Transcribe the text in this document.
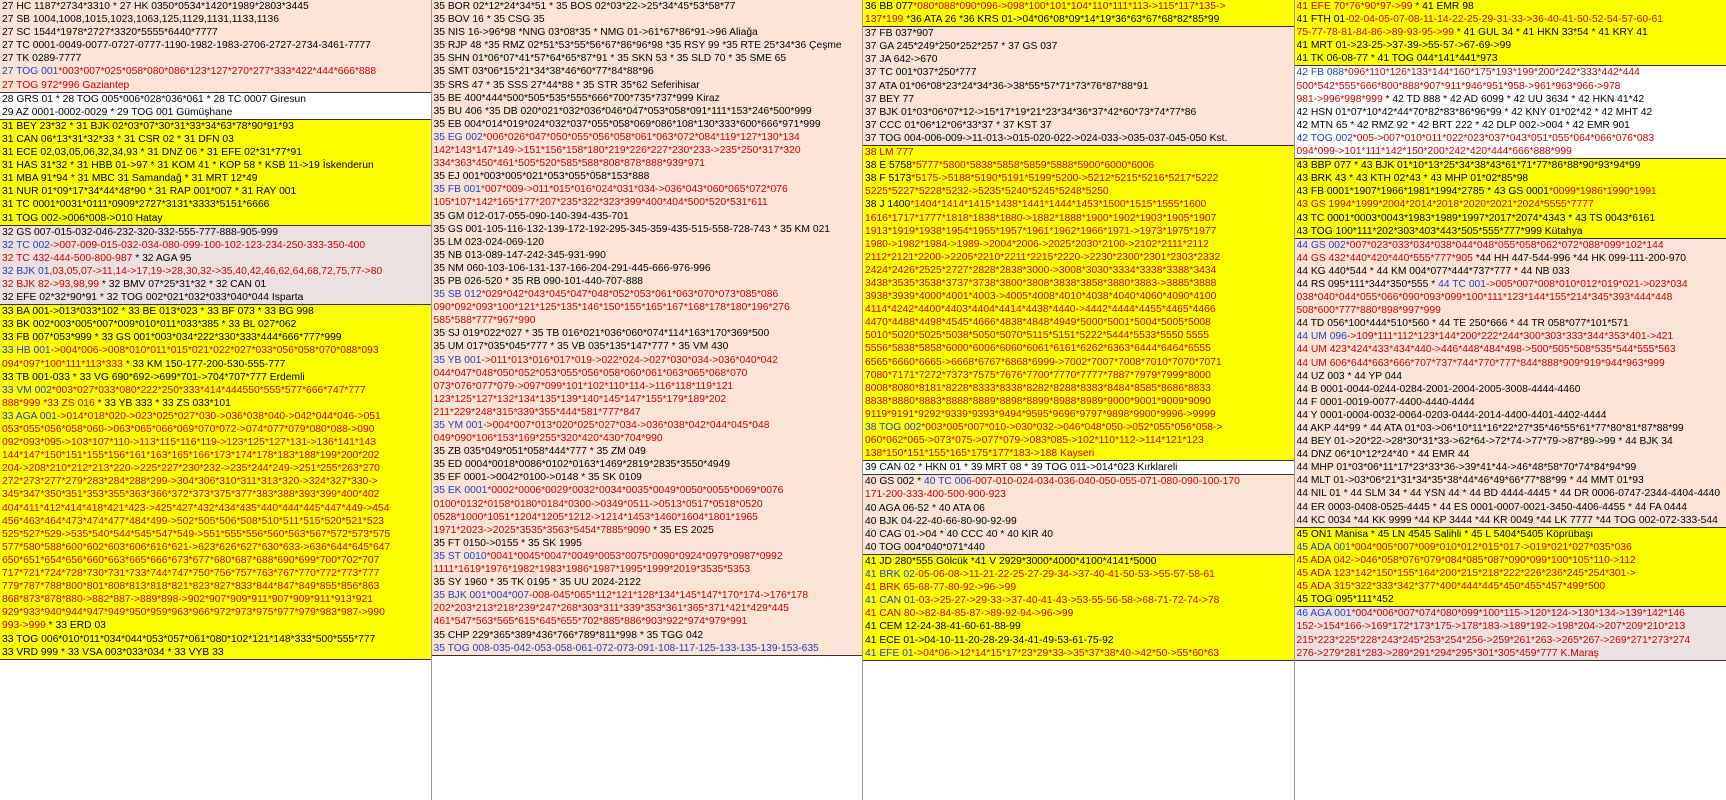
27 HC 1187*2734*3310 * 27 HK 0350*0534*1420*1989*2803*3445
27 SB 1004,1008,1015,1023,1063,125,1129,1131,1133,1136
27 SC 1544*1978*2727*3320*5555*6440*7777
27 TC 0001-0049-0077-0727-0777-1190-1982-1983-2706-2727-2734-3461-7777
27 TK 0289-7777
27 TOG 001*003*007*025*058*080*086*123*127*270*277*333*422*444*666*888
27 TOG 972*996 Gaziantep
28 GRS 01 * 28 TOG 005*006*028*036*061 * 28 TC 0007 Giresun
29 AZ 0001-0002-0029 * 29 TOG 001 Gümüşhane
31 BEY 23*32 * 31 BJK 02*03*07*30*31*33*34*63*78*90*91*93
31 CAN 06*13*31*32*33 * 31 CSR 02 * 31 DFN 03
31 ECE 02,03,05,06,32,34,93 * 31 DNZ 06 * 31 EFE 02*31*77*91
31 HAS 31*32 * 31 HBB 01->97 * 31 KOM 41 * KOP 58 * KSB 11->19 İskenderun
31 MBA 91*94 * 31 MBC 31 Samandağ * 31 MRT 12*49
31 NUR 01*09*17*34*44*48*90 * 31 RAP 001*007 * 31 RAY 001
31 TC 0001*0031*0111*0909*2727*3131*3333*5151*6666
31 TOG 002->006*008->010 Hatay
32 GS 007-015-032-046-232-320-332-555-777-888-905-999
32 TC 002->007-009-015-032-034-080-099-100-102-123-234-250-333-350-400
32 TC 432-444-500-800-987 * 32 AGA 95
32 BJK 01,03,05,07->11,14->17,19->28,30,32->35,40,42,46,62,64,68,72,75,77->80
32 BJK 82->93,98,99 * 32 BMV 07*25*31*32 * 32 CAN 01
32 EFE 02*32*90*91 * 32 TOG 002*021*032*033*040*044 Isparta
33 BA 001->013*033*102 * 33 BE 013*023 * 33 BF 073 * 33 BG 998
33 BK 002*003*005*007*009*010*011*033*385 * 33 BL 027*062
33 FB 007*053*999 * 33 GS 001*003*034*222*330*333*444*666*777*999
33 HB 001->004*006->008*010*011*015*021*022*027*033*056*058*070*088*093
094*097*100*111*113*333 * 33 KM 150-177-200-530-555-777
33 TB 001-033 * 33 VG 690*692->699*701->704*707*777 Erdemli
33 VM 002*003*027*033*080*222*250*333*414*444550*555*577*666*747*777
888*999 *33 ZS 016 * 33 YB 333 * 33 ZS 033*101
33 AGA 001->014*018*020->023*025*027*030->036*038*040->042*044*046->051
053*055*056*058*060->063*065*066*069*070*072->074*077*079*080*088->090
092*093*095->103*107*110->113*115*116*119->123*125*127*131->136*141*143
144*147*150*151*155*156*161*163*165*166*173*174*178*183*188*199*200*202
204->208*210*212*213*220->225*227*230*232->235*244*249->251*255*263*270
272*273*277*279*283*284*288*299->304*306*310*311*313*320->324*327*330->
345*347*350*351*353*355*363*366*372*373*375*377*383*388*393*399*400*402
404*411*412*414*418*421*423->425*427*432*434*435*440*444*445*447*449->454
456*463*464*473*474*477*484*499->502*505*506*508*510*511*515*520*521*523
525*527*529->535*540*544*545*547*549->551*555*556*560*563*567*572*573*575
577*580*588*600*602*603*606*616*621->623*626*627*630*633->636*644*645*647
650*651*654*656*660*663*665*666*673*677*680*687*688*690*699*700*702*707
717*721*724*728*730*731*733*744*747*750*756*757*763*767*770*772*773*777
779*787*788*800*801*808*813*818*821*823*827*833*844*847*849*855*856*863
868*873*878*880->882*887->889*898->902*907*909*911*907*909*911*913*921
929*933*940*944*947*949*950*959*963*966*972*973*975*977*979*983*987->990
993->999 * 33 ERD 03
33 TOG 006*010*011*034*044*053*057*061*080*102*121*148*333*500*555*777
33 VRD 999 * 33 VSA 003*033*034 * 33 VYB 33
35 BOR 02*12*24*34*51 * 35 BOS 02*03*22->25*34*45*53*58*77
35 BOV 16 * 35 CSG 35
35 NIS 16->96*98 *NNG 03*08*35 * NMG 01->61*67*86*91->96 Aliağa
35 RJP 48 *35 RMZ 02*51*53*55*56*67*86*96*98 *35 RSY 99 *35 RTE 25*34*36 Çeşme
35 SHN 01*06*07*41*57*64*65*87*91 * 35 SKN 53 * 35 SLD 70 * 35 SME 65
35 SMT 03*06*15*21*34*38*46*60*77*84*88*96
35 SRS 47 * 35 SSS 27*44*88 * 35 STR 35*62 Seferihisar
35 BE 400*444*500*505*535*555*666*700*735*737*999 Kiraz
35 BU 406 *35 DB 020*021*032*036*046*047*053*058*091*111*153*246*500*999
35 EB 004*014*019*024*032*037*055*058*069*086*108*130*333*600*666*971*999
35 EG 002*006*026*047*050*055*056*058*061*063*072*084*119*127*130*134
142*143*147*149->151*156*158*180*219*226*227*230*233->235*250*317*320
334*363*450*461*505*520*585*588*808*878*888*939*971
35 EJ 001*003*005*021*053*055*058*153*888
35 FB 001*007*009->011*015*016*024*031*034->036*043*060*065*072*076
105*107*142*165*177*207*235*322*323*399*400*404*500*520*531*611
35 GM 012-017-055-090-140-394-435-701
35 GS 001-105-116-132-139-172-192-295-345-359-435-515-558-728-743 * 35 KM 021
35 LM 023-024-069-120
35 NB 013-089-147-242-345-931-990
35 NM 060-103-106-131-137-166-204-291-445-666-976-996
35 PB 026-520 * 35 RB 090-101-440-707-888
35 SB 012*029*042*043*045*047*048*052*053*061*063*070*073*085*086
090*092*093*100*121*125*135*146*150*155*165*167*168*178*180*196*276
585*588*777*967*990
35 SJ 019*022*027 * 35 TB 016*021*036*060*074*114*163*170*369*500
35 UM 017*035*045*777 * 35 VB 035*135*147*777 * 35 VM 430
35 YB 001->011*013*016*017*019->022*024->027*030*034->036*040*042
044*047*048*050*052*053*055*056*058*060*061*063*065*068*070
073*076*077*079->097*099*101*102*110*114->116*118*119*121
123*125*127*132*134*135*139*140*145*147*155*179*189*202
211*229*248*315*339*355*444*581*777*847
35 YM 001->004*007*013*020*025*027*034->036*038*042*044*045*048
049*090*106*153*169*255*320*420*430*704*990
35 ZB 035*049*051*058*444*777 * 35 ZM 049
35 ED 0004*0018*0086*0102*0163*1469*2819*2835*3550*4949
35 EF 0001->0042*0100->0148 * 35 SK 0109
35 EK 0001*0002*0006*0029*0032*0034*0035*0049*0050*0055*0069*0076
0100*0132*0158*0180*0184*0300->0349*0511->0513*0517*0518*0520
0528*1000*1051*1204*1205*1212->1214*1453*1460*1604*1801*1965
1971*2023->2025*3535*3563*5454*7885*9090 * 35 ES 2025
35 FT 0150->0155 * 35 SK 1995
35 ST 0010*0041*0045*0047*0049*0053*0075*0090*0924*0979*0987*0992
1111*1619*1976*1982*1983*1986*1987*1995*1999*2019*3535*5353
35 SY 1960 * 35 TK 0195 * 35 UU 2024-2122
35 BJK 001*004*007-008-045*065*112*121*128*134*145*147*170*174->176*178
202*203*213*218*239*247*268*303*311*339*353*361*365*371*421*429*445
461*547*563*565*615*645*655*702*885*886*903*922*974*979*991
35 CHP 229*365*389*436*766*789*811*998 * 35 TGG 042
35 TOG 008-035-042-053-058-061-072-073-091-108-117-125-133-135-139-153-635
36 BB 077*080*088*090*096->098*100*101*104*110*111*113->115*117*135->
137*199 *36 ATA 26 *36 KRS 01->04*06*08*09*14*19*36*63*67*68*82*85*99
37 FB 037*907
37 GA 245*249*250*252*257 * 37 GS 037
37 JA 642->670
37 TC 001*037*250*777
37 ATA 01*06*08*23*24*34*36->38*55*57*71*73*76*87*88*91
37 BEY 77
37 BJK 01*03*06*07*12->15*17*19*21*23*34*36*37*42*60*73*74*77*86
37 CCC 01*06*12*06*33*37 * 37 KST 37
37 TOG 004-006-009->11-013->015-020-022->024-033->035-037-045-050 Kst.
38 LM 777
38 E 5758*5777*5800*5838*5858*5859*5888*5900*6000*6006
38 F 5173*5175->5188*5190*5191*5199*5200->5212*5215*5216*5217*5222
5225*5227*5228*5232->5235*5240*5245*5248*5250
38 J 1400*1404*1414*1415*1438*1441*1444*1453*1500*1515*1555*1600
1616*1717*1777*1818*1838*1880->1882*1888*1900*1902*1903*1905*1907
1913*1919*1938*1954*1955*1957*1961*1962*1966*1971->1973*1975*1977
1980->1982*1984->1989->2004*2006->2025*2030*2100->2102*2111*2112
2112*2121*2200->2205*2210*2211*2215*2220->2230*2300*2301*2303*2332
2424*2426*2525*2727*2828*2838*3000->3008*3030*3334*3338*3388*3434
3438*3535*3538*3737*3738*3800*3808*3838*3858*3880*3883->3885*3888
3938*3939*4000*4001*4003->4005*4008*4010*4038*4040*4060*4090*4100
4114*4242*4400*4403*4404*4414*4438*4440->4442*4444*4455*4465*4466
4470*4488*4498*4545*4666*4838*4848*4949*5000*5001*5004*5005*5008
5010*5020*5025*5038*5050*5070*5115*5151*5222*5444*5533*5550 5555
5556*5838*5858*6000*6006*6060*6061*6161*6262*6363*6444*6464*6555
6565*6660*6665->6668*6767*6868*6999->7002*7007*7008*7010*7070*7071
7080*7171*7272*7373*7575*7676*7700*7770*7777*7887*7979*7999*8000
8008*8080*8181*8228*8333*8338*8282*8288*8383*8484*8585*8686*8833
8838*8880*8883*8888*8889*8898*8899*8988*8989*9000*9001*9009*9090
9119*9191*9292*9339*9393*9494*9595*9696*9797*9898*9900*9996->9999
38 TOG 002*003*005*007*010->030*032->046*048*050->052*055*056*058->
060*062*065->073*075->077*079->083*085->102*110*112->114*121*123
138*150*151*155*165*175*177*183->188 Kayseri
39 CAN 02 * HKN 01 * 39 MRT 08 * 39 TOG 011->014*023 Kırklareli
40 GS 002 * 40 TC 006-007-010-024-034-036-040-050-055-071-080-090-100-170
171-200-333-400-500-900-923
40 AGA 06-52 * 40 ATA 06
40 BJK 04-22-40-66-80-90-92-99
40 CAG 01->04 * 40 CCC 40 * 40 KIR 40
40 TOG 004*040*071*440
41 JD 280*555 Gölcük *41 V 2929*3000*4000*4100*4141*5000
41 BRK 02-05-06-08->11-21-22-25-27-29-34->37-40-41-50-53->55-57-58-61
41 BRK 65-68-77-80-92->96->99
41 CAN 01-03->25-27->29-33->37-40-41-43->53-55-56-58->68-71-72-74->78
41 CAN 80->82-84-85-87->89-92-94->96->99
41 CEM 12-24-38-41-60-61-88-99
41 ECE 01->04-10-11-20-28-29-34-41-49-53-61-75-92
41 EFE 01->04*06->12*14*15*17*23*29*33->35*37*38*40->42*50->55*60*63
41 EFE 70*76*90*97->99 * 41 EMR 98
41 FTH 01-02-04-05-07-08-11-14-22-25-29-31-33->36-40-41-50-52-54-57-60-61
75-77-78-81-84-86->89-93-95->99 * 41 GUL 34 * 41 HKN 33*54 * 41 KRY 41
41 MRT 01->23-25->37-39->55-57->67-69->99
41 TK 06-08-77 * 41 TOG 044*141*441*973
42 FB 088*096*110*126*133*144*160*175*193*199*200*242*333*442*444
500*542*555*666*800*888*907*911*946*951*958->961*963*966->978
981->996*998*999 * 42 TD 888 * 42 AD 6099 * 42 UU 3634 * 42 HKN 41*42
42 HSN 01*07*10*42*44*70*82*83*86*96*99 * 42 KNY 01*02*42 * 42 MHT 42
42 MTN 65 * 42 RMZ 92 * 42 BRT 222 * 42 DLP 002->004 * 42 EMR 901
42 TOG 002*005->007*010*011*022*023*037*043*051*055*064*066*076*083
094*099->101*111*142*150*200*242*420*444*666*888*999
43 BBP 077 * 43 BJK 01*10*13*25*34*38*43*61*71*77*86*88*90*93*94*99
43 BRK 43 * 43 KTH 02*43 * 43 MHP 01*02*85*98
43 FB 0001*1907*1966*1981*1994*2785 * 43 GS 0001*0099*1986*1990*1991
43 GS 1994*1999*2004*2014*2018*2020*2021*2024*5555*7777
43 TC 0001*0003*0043*1983*1989*1997*2017*2074*4343 * 43 TS 0043*6161
43 TOG 100*111*202*303*403*443*505*555*777*999 Kütahya
44 GS 002*007*023*033*034*038*044*048*055*058*062*072*088*099*102*144
44 GS 432*440*420*440*555*777*905 *44 HH 447-544-996 *44 HK 099-111-200-970
44 KG 440*544 * 44 KM 004*077*444*737*777 * 44 NB 033
44 RS 095*111*344*350*555 * 44 TC 001->005*007*008*010*012*019*021->023*034
038*040*044*055*066*090*093*099*100*111*123*144*155*214*345*393*444*448
508*600*777*880*898*997*999
44 TD 056*100*444*510*560 * 44 TE 250*666 * 44 TR 058*077*101*571
44 UM 096->109*111*112*123*144*200*222*244*300*303*333*344*353*401->421
44 UM 423*424*433*434*440->446*448*484*498->500*505*508*535*544*555*563
44 UM 606*644*663*666*707*737*744*770*777*844*888*909*919*944*963*999
44 UZ 003 * 44 YP 044
44 B 0001-0044-0244-0284-2001-2004-2005-3008-4444-4460
44 F 0001-0019-0077-4400-4440-4444
44 Y 0001-0004-0032-0064-0203-0444-2014-4400-4401-4402-4444
44 AKP 44*99 * 44 ATA 01*03->06*10*11*16*22*27*35*46*55*61*77*80*81*87*88*99
44 BEY 01->20*22->28*30*31*33->62*64->72*74->77*79->87*89->99 * 44 BJK 34
44 DNZ 06*10*12*24*40 * 44 EMR 44
44 MHP 01*03*06*11*17*23*33*36->39*41*44->46*48*58*70*74*84*94*99
44 MLT 01->03*06*21*31*34*35*38*44*46*49*66*77*88*99 * 44 MMT 01*93
44 NIL 01 * 44 SLM 34 * 44 YSN 44 * 44 BD 4444-4445 * 44 DR 0006-0747-2344-4404-4440
44 ER 0003-0408-0525-4445 * 44 ES 0001-0007-0021-3450-4406-4455 * 44 FA 0444
44 KC 0034 *44 KK 9999 *44 KP 3444 *44 KR 0049 *44 LK 7777 *44 TOG 002-072-333-544
45 ON1 Manisa * 45 LN 4545 Salihli * 45 L 5404*5405 Köprübaşı
45 ADA 001*004*005*007*009*010*012*015*017->019*021*027*035*036
45 ADA 042->046*058*076*079*084*085*087*090*099*100*105*110->112
45 ADA 123*142*150*155*164*200*215*218*222*226*236*245*254*301->
45 ADA 315*322*333*342*377*400*444*445*450*455*457*499*500
45 TOG 095*111*452
46 AGA 001*004*006*007*074*080*099*100*115->120*124->130*134->139*142*146
152->154*166->169*172*173*175->178*183->189*192->198*204->207*209*210*213
215*223*225*228*243*245*253*254*256->259*261*263->265*267->269*271*273*274
276->279*281*283->289*291*294*295*301*305*459*777 K.Maraş
